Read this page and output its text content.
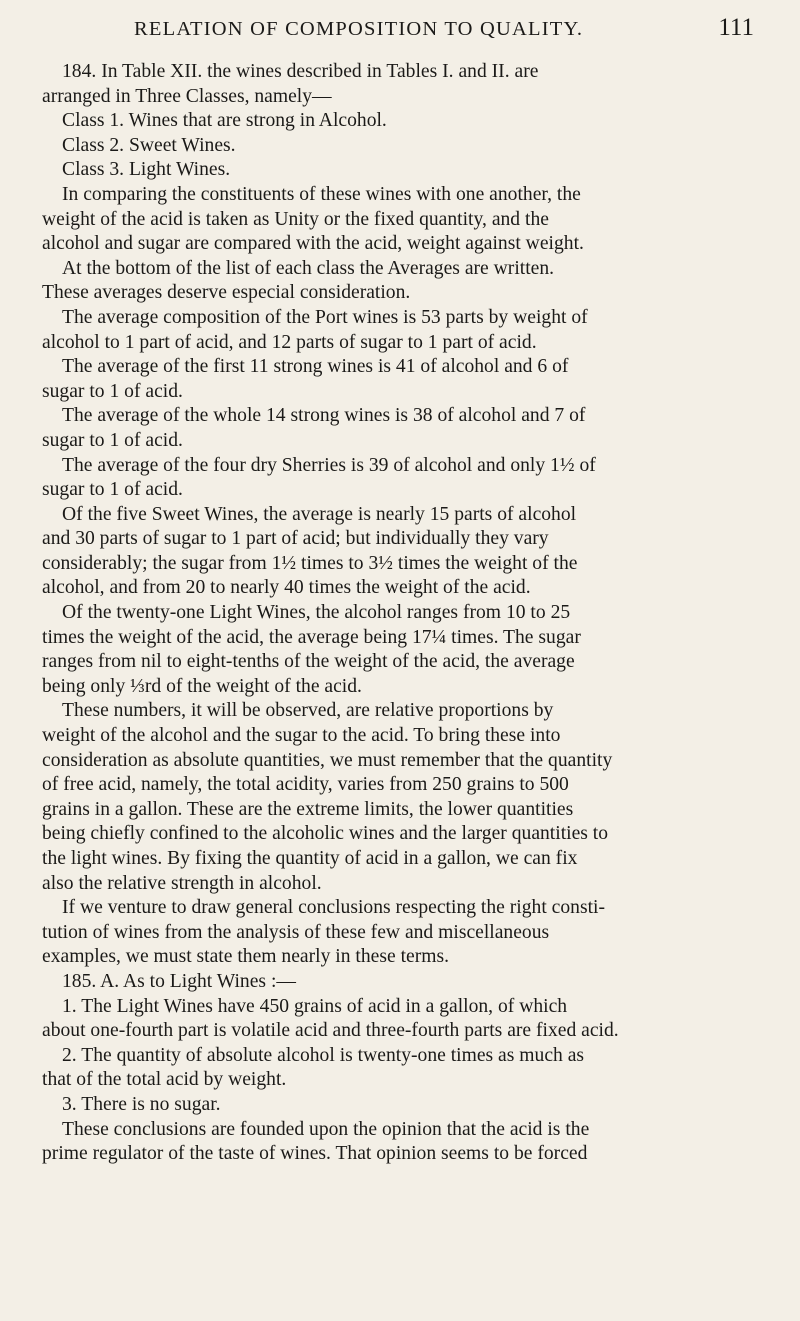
RELATION OF COMPOSITION TO QUALITY.	111

184. In Table XII. the wines described in Tables I. and II. are

arranged in Three Classes, namely—

Class 1. Wines that are strong in Alcohol.

Class 2. Sweet Wines.

Class 3. Light Wines.

In comparing the constituents of these wines with one another, the

weight of the acid is taken as Unity or the fixed quantity, and the

alcohol and sugar are compared with the acid, weight against weight.

At the bottom of the list of each class the Averages are written.

These averages deserve especial consideration.

The average composition of the Port wines is 53 parts by weight of

alcohol to 1 part of acid, and 12 parts of sugar to 1 part of acid.

The average of the first 11 strong wines is 41 of alcohol and 6 of

sugar to 1 of acid.

The average of the whole 14 strong wines is 38 of alcohol and 7 of

sugar to 1 of acid.

The average of the four dry Sherries is 39 of alcohol and only 1½ of

sugar to 1 of acid.

Of the five Sweet Wines, the average is nearly 15 parts of alcohol

and 30 parts of sugar to 1 part of acid; but individually they vary

considerably; the sugar from 1½ times to 3½ times the weight of the

alcohol, and from 20 to nearly 40 times the weight of the acid.

Of the twenty-one Light Wines, the alcohol ranges from 10 to 25

times the weight of the acid, the average being 17¼ times. The sugar

ranges from nil to eight-tenths of the weight of the acid, the average

being only ⅓rd of the weight of the acid.

These numbers, it will be observed, are relative proportions by

weight of the alcohol and the sugar to the acid. To bring these into

consideration as absolute quantities, we must remember that the quantity

of free acid, namely, the total acidity, varies from 250 grains to 500

grains in a gallon. These are the extreme limits, the lower quantities

being chiefly confined to the alcoholic wines and the larger quantities to

the light wines. By fixing the quantity of acid in a gallon, we can fix

also the relative strength in alcohol.

If we venture to draw general conclusions respecting the right consti-

tution of wines from the analysis of these few and miscellaneous

examples, we must state them nearly in these terms.

185. A. As to Light Wines :—

1. The Light Wines have 450 grains of acid in a gallon, of which

about one-fourth part is volatile acid and three-fourth parts are fixed acid.

2. The quantity of absolute alcohol is twenty-one times as much as

that of the total acid by weight.

3. There is no sugar.

These conclusions are founded upon the opinion that the acid is the

prime regulator of the taste of wines. That opinion seems to be forced
